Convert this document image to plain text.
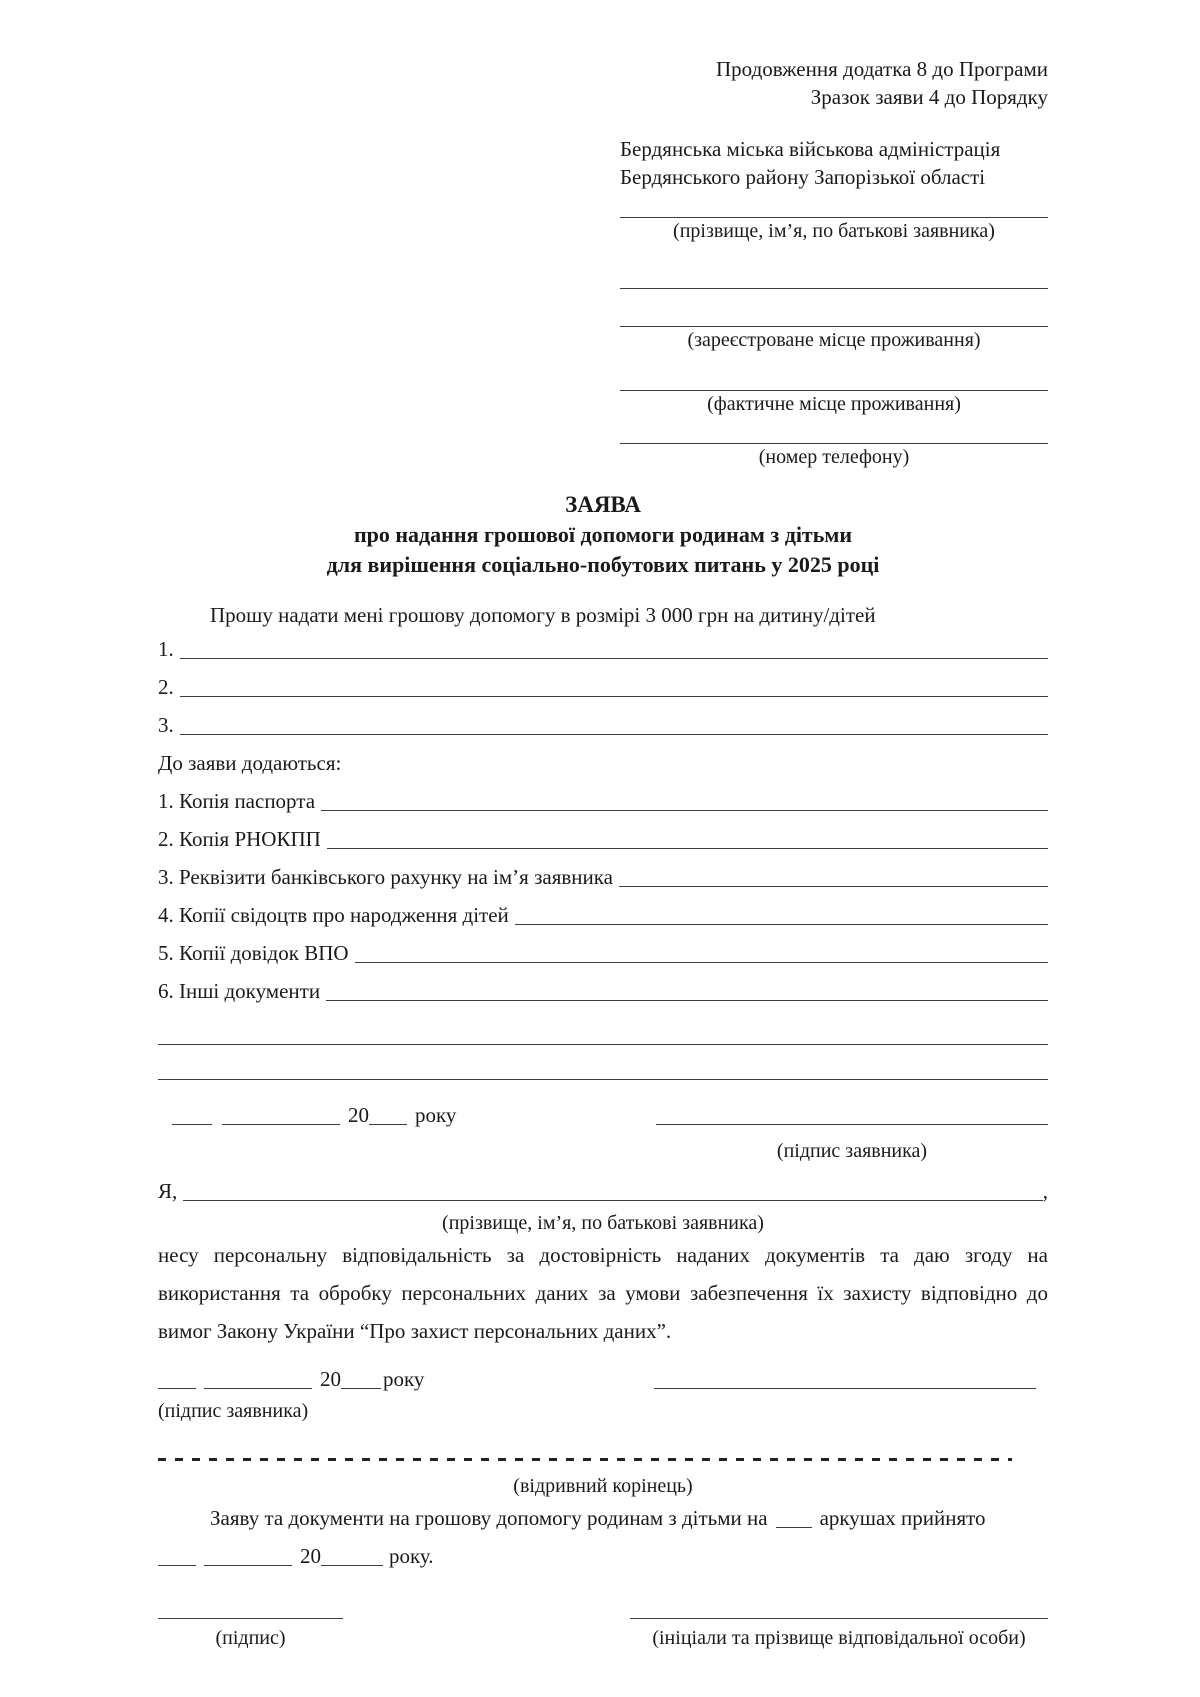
Продовження додатка 8 до Програми
Зразок заяви 4 до Порядку
Бердянська міська військова адміністрація
Бердянського району Запорізької області
(прізвище, ім’я, по батькові заявника)
(зареєстроване місце проживання)
(фактичне місце проживання)
(номер телефону)
ЗАЯВА
про надання грошової допомоги родинам з дітьми
для вирішення соціально-побутових питань у 2025 році

Прошу надати мені грошову допомогу в розмірі 3 000 грн на дитину/дітей

1.
2.
3.
До заяви додаються:
1. Копія паспорта
2. Копія РНОКПП
3. Реквізити банківського рахунку на ім’я заявника
4. Копії свідоцтв про народження дітей
5. Копії довідок ВПО
6. Інші документи
20 року
(підпис заявника)
Я,	,
(прізвище, ім’я, по батькові заявника)

несу персональну відповідальність за достовірність наданих документів та даю згоду на використання та обробку персональних даних за умови забезпечення їх захисту відповідно до вимог Закону України “Про захист персональних даних”.

20 року
(підпис заявника)
(відривний корінець)
Заяву та документи на грошову допомогу родинам з дітьми на аркушах прийнято
20	року.
(підпис)	(ініціали та прізвище відповідальної особи)
